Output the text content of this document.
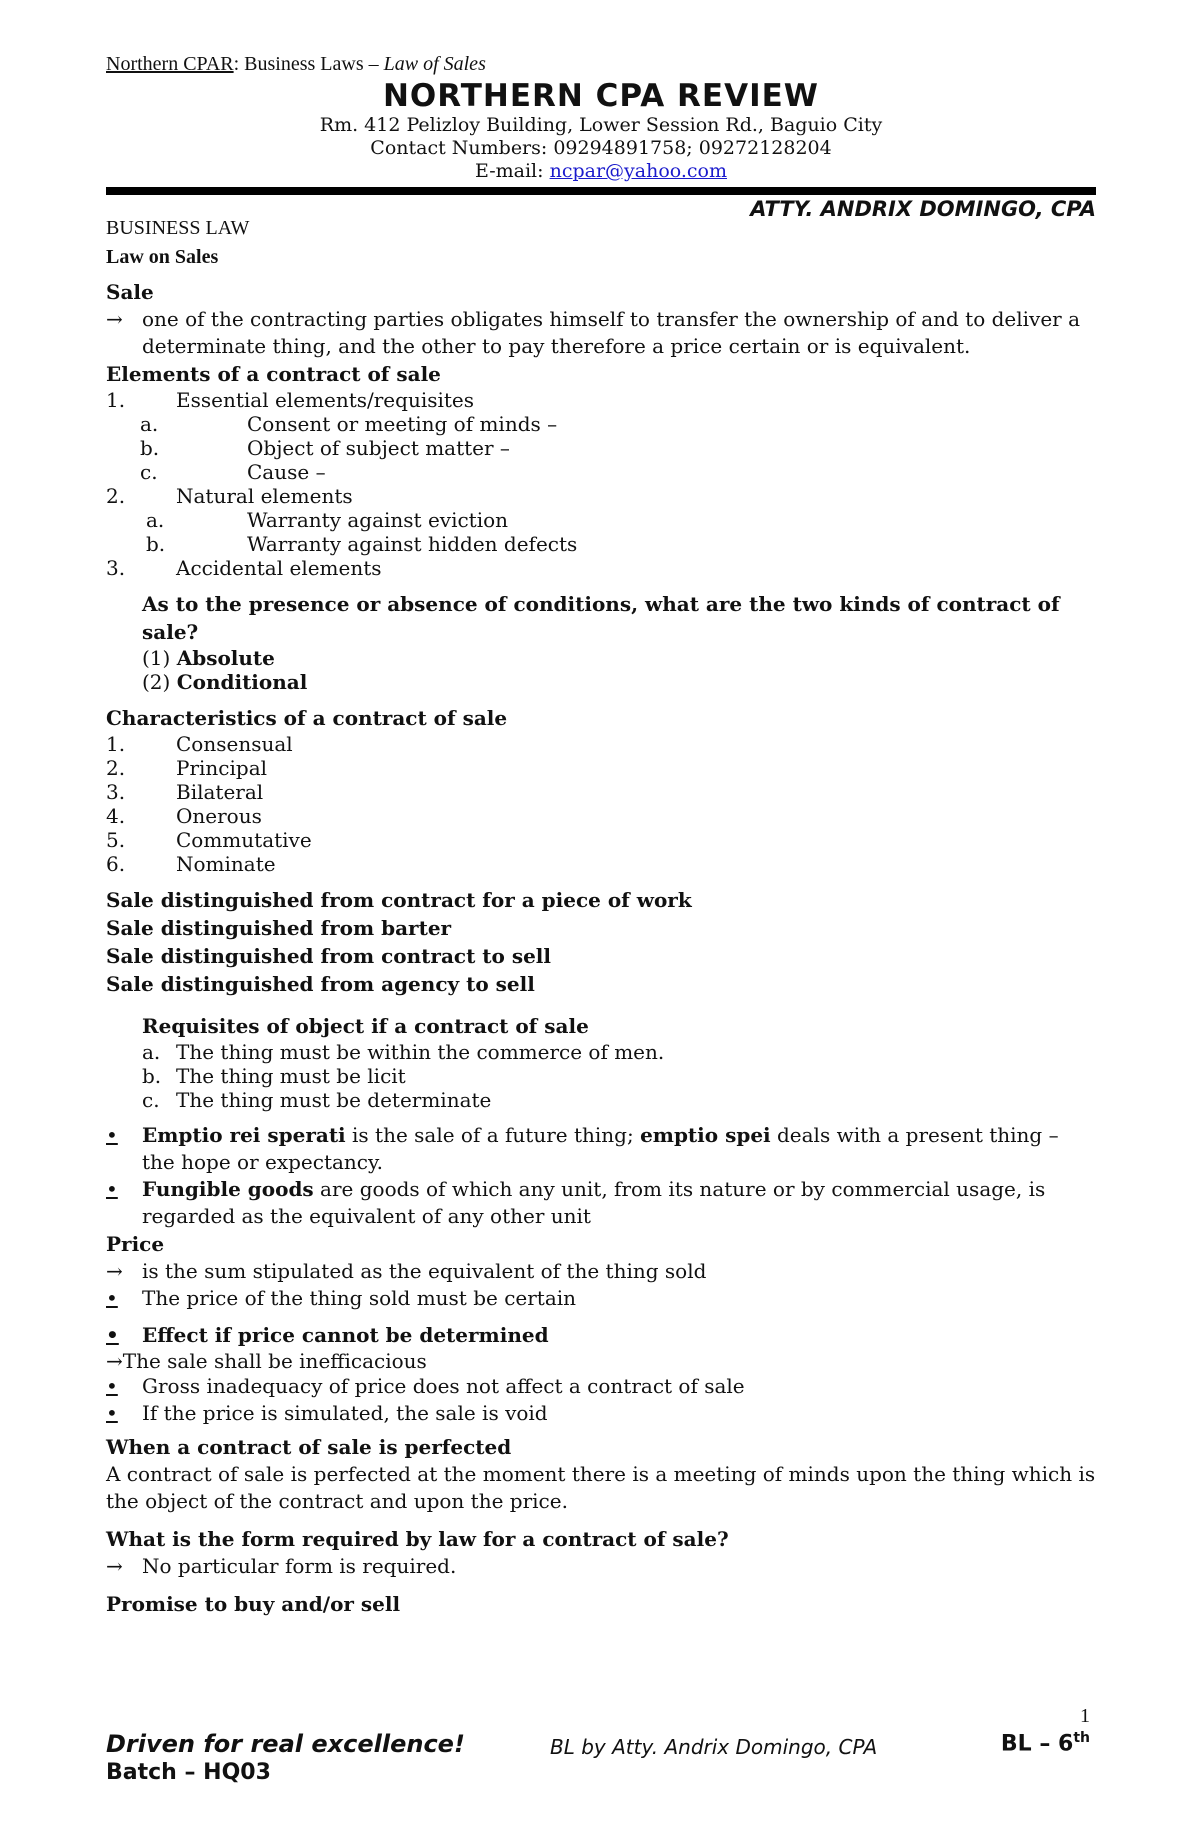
Northern CPAR: Business Laws – Law of Sales
NORTHERN CPA REVIEW
Rm. 412 Pelizloy Building, Lower Session Rd., Baguio City
Contact Numbers: 09294891758; 09272128204
E-mail: ncpar@yahoo.com
ATTY. ANDRIX DOMINGO, CPA
BUSINESS LAW
Law on Sales
Sale
→ one of the contracting parties obligates himself to transfer the ownership of and to deliver a determinate thing, and the other to pay therefore a price certain or is equivalent.
Elements of a contract of sale
1.	Essential elements/requisites
a.	Consent or meeting of minds –
b.	Object of subject matter –
c.	Cause –
2.	Natural elements
a.	Warranty against eviction
b.	Warranty against hidden defects
3.	Accidental elements
As to the presence or absence of conditions, what are the two kinds of contract of sale?
(1) Absolute
(2) Conditional
Characteristics of a contract of sale
1.	Consensual
2.	Principal
3.	Bilateral
4.	Onerous
5.	Commutative
6.	Nominate
Sale distinguished from contract for a piece of work
Sale distinguished from barter
Sale distinguished from contract to sell
Sale distinguished from agency to sell
Requisites of object if a contract of sale
a. The thing must be within the commerce of men.
b. The thing must be licit
c. The thing must be determinate
• Emptio rei sperati is the sale of a future thing; emptio spei deals with a present thing – the hope or expectancy.
• Fungible goods are goods of which any unit, from its nature or by commercial usage, is regarded as the equivalent of any other unit
Price
→ is the sum stipulated as the equivalent of the thing sold
• The price of the thing sold must be certain
• Effect if price cannot be determined
→The sale shall be inefficacious
• Gross inadequacy of price does not affect a contract of sale
• If the price is simulated, the sale is void
When a contract of sale is perfected
A contract of sale is perfected at the moment there is a meeting of minds upon the thing which is the object of the contract and upon the price.
What is the form required by law for a contract of sale?
→ No particular form is required.
Promise to buy and/or sell
1
Driven for real excellence!	BL by Atty. Andrix Domingo, CPA	BL – 6th
Batch – HQ03
